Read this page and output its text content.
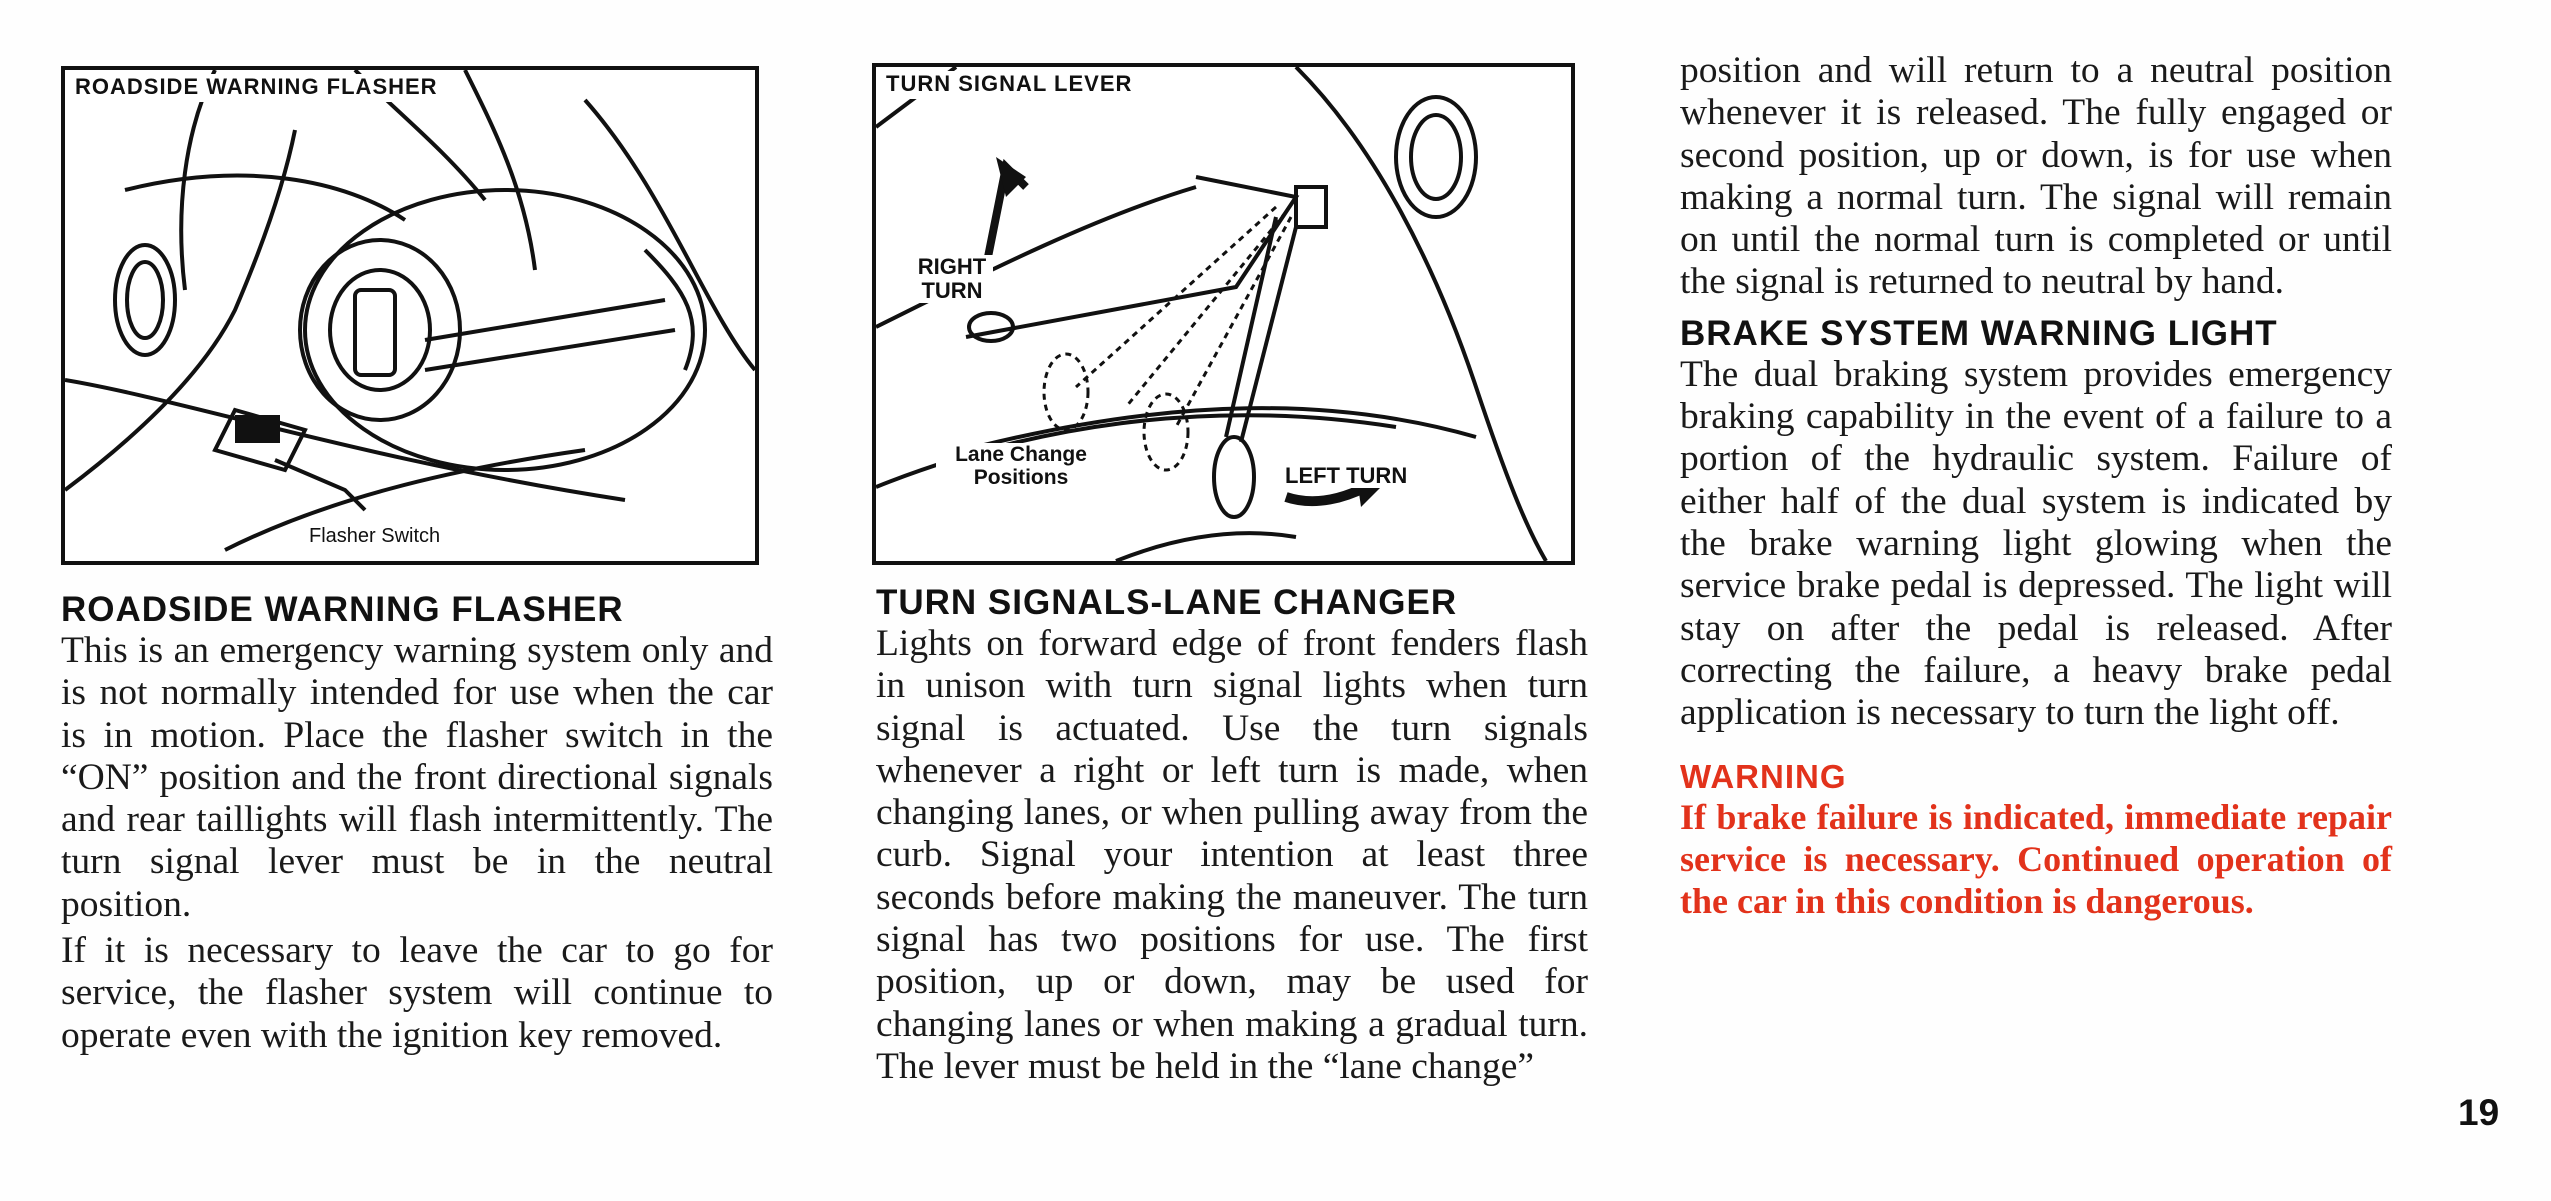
ROADSIDE WARNING FLASHER
Flasher Switch
TURN SIGNAL LEVER
RIGHT TURN
Lane Change Positions	LEFT TURN
ROADSIDE WARNING FLASHER

This is an emergency warning system only and is not normally intended for use when the car is in motion. Place the flasher switch in the “ON” position and the front directional signals and rear taillights will flash intermittently. The turn signal lever must be in the neutral position.

If it is necessary to leave the car to go for service, the flasher system will continue to operate even with the ignition key removed.

TURN SIGNALS-LANE CHANGER

Lights on forward edge of front fenders flash in unison with turn signal lights when turn signal is actuated. Use the turn signals whenever a right or left turn is made, when changing lanes, or when pulling away from the curb. Signal your intention at least three seconds before making the maneuver. The turn signal has two positions for use. The first position, up or down, may be used for changing lanes or when making a gradual turn. The lever must be held in the “lane change”

position and will return to a neutral position whenever it is released. The fully engaged or second position, up or down, is for use when making a normal turn. The signal will remain on until the normal turn is completed or until the signal is returned to neutral by hand.

BRAKE SYSTEM WARNING LIGHT

The dual braking system provides emergency braking capability in the event of a failure to a portion of the hydraulic system. Failure of either half of the dual system is indicated by the brake warning light glowing when the service brake pedal is depressed. The light will stay on after the pedal is released. After correcting the failure, a heavy brake pedal application is necessary to turn the light off.

WARNING

If brake failure is indicated, immediate repair service is necessary. Continued operation of the car in this condition is dangerous.

19
